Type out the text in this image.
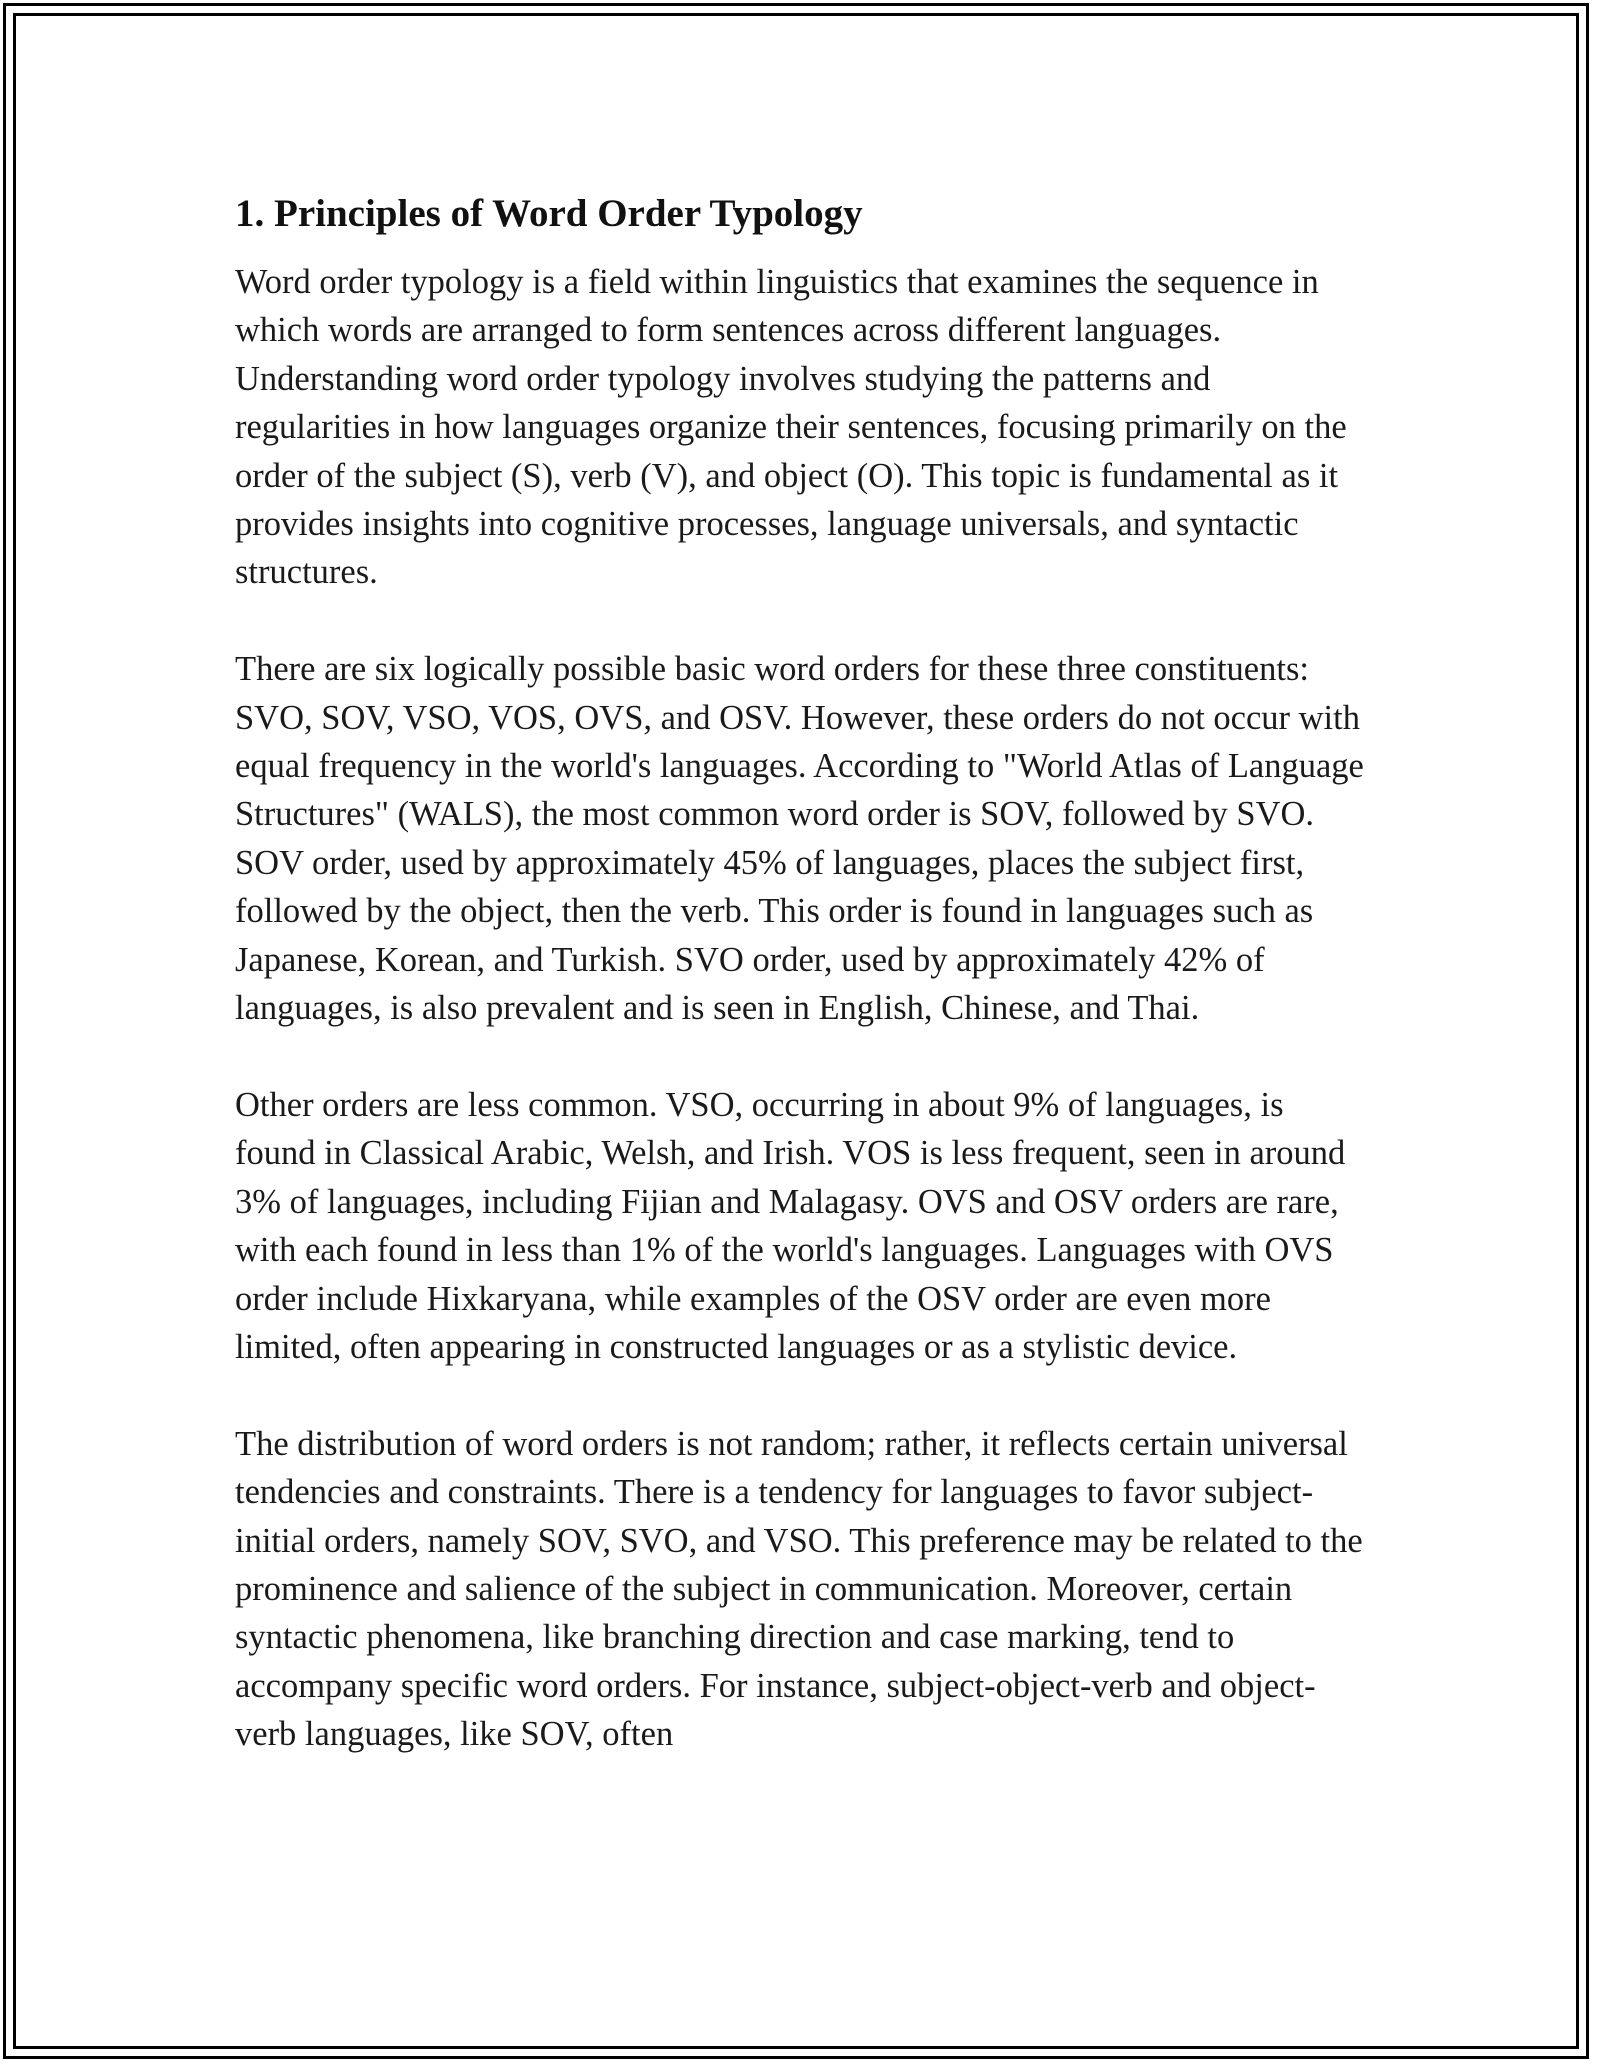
1. Principles of Word Order Typology

Word order typology is a field within linguistics that examines the sequence in which words are arranged to form sentences across different languages. Understanding word order typology involves studying the patterns and regularities in how languages organize their sentences, focusing primarily on the order of the subject (S), verb (V), and object (O). This topic is fundamental as it provides insights into cognitive processes, language universals, and syntactic structures.

There are six logically possible basic word orders for these three constituents: SVO, SOV, VSO, VOS, OVS, and OSV. However, these orders do not occur with equal frequency in the world's languages. According to "World Atlas of Language Structures" (WALS), the most common word order is SOV, followed by SVO. SOV order, used by approximately 45% of languages, places the subject first, followed by the object, then the verb. This order is found in languages such as Japanese, Korean, and Turkish. SVO order, used by approximately 42% of languages, is also prevalent and is seen in English, Chinese, and Thai.

Other orders are less common. VSO, occurring in about 9% of languages, is found in Classical Arabic, Welsh, and Irish. VOS is less frequent, seen in around 3% of languages, including Fijian and Malagasy. OVS and OSV orders are rare, with each found in less than 1% of the world's languages. Languages with OVS order include Hixkaryana, while examples of the OSV order are even more limited, often appearing in constructed languages or as a stylistic device.

The distribution of word orders is not random; rather, it reflects certain universal tendencies and constraints. There is a tendency for languages to favor subject-initial orders, namely SOV, SVO, and VSO. This preference may be related to the prominence and salience of the subject in communication. Moreover, certain syntactic phenomena, like branching direction and case marking, tend to accompany specific word orders. For instance, subject-object-verb and object-verb languages, like SOV, often
